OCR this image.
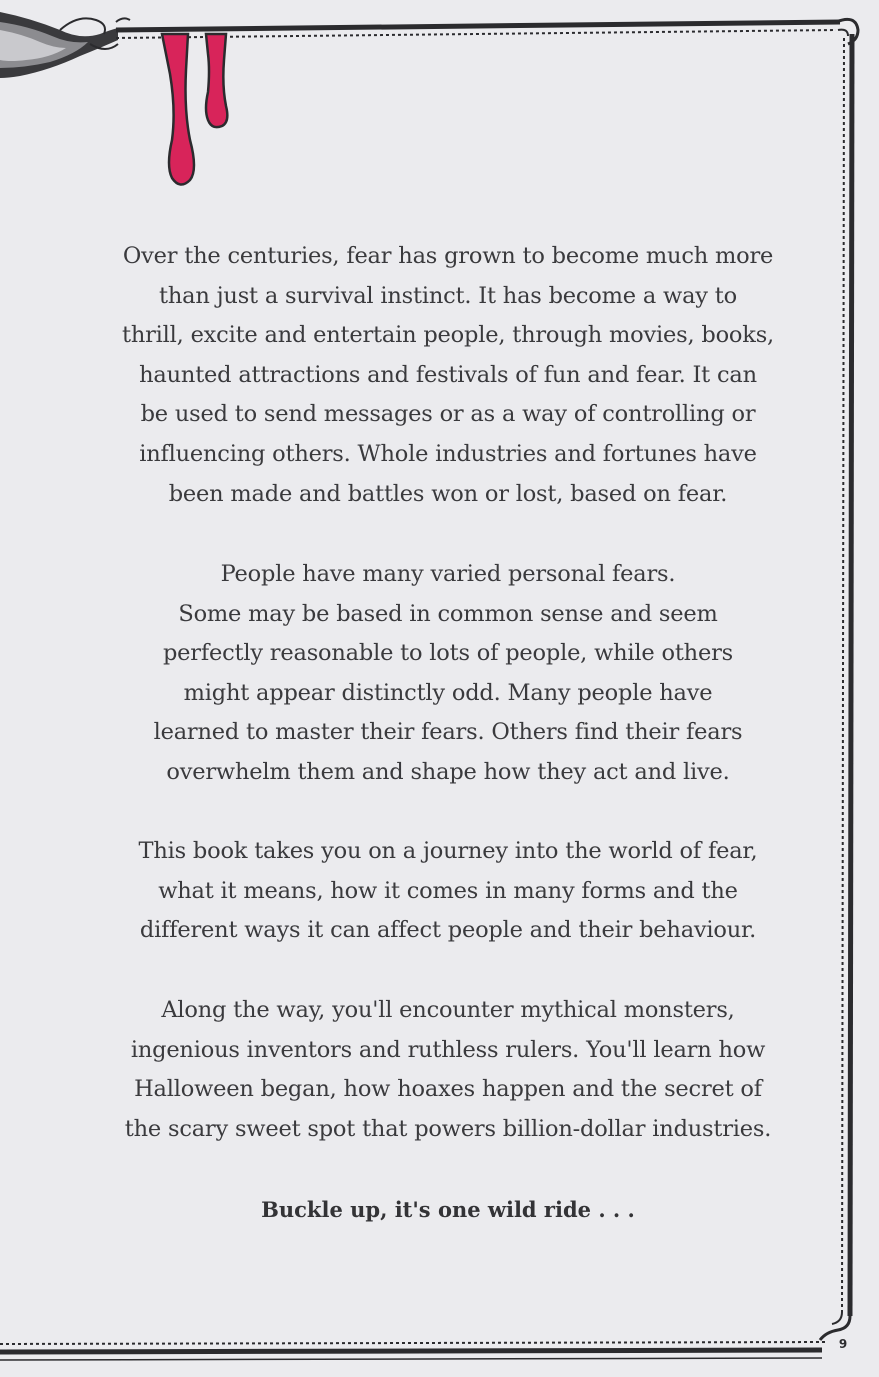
Over the centuries, fear has grown to become much more
than just a survival instinct. It has become a way to
thrill, excite and entertain people, through movies, books,
haunted attractions and festivals of fun and fear. It can
be used to send messages or as a way of controlling or
influencing others. Whole industries and fortunes have
been made and battles won or lost, based on fear.

People have many varied personal fears.
Some may be based in common sense and seem
perfectly reasonable to lots of people, while others
might appear distinctly odd. Many people have
learned to master their fears. Others find their fears
overwhelm them and shape how they act and live.

This book takes you on a journey into the world of fear,
what it means, how it comes in many forms and the
different ways it can affect people and their behaviour.

Along the way, you'll encounter mythical monsters,
ingenious inventors and ruthless rulers. You'll learn how
Halloween began, how hoaxes happen and the secret of
the scary sweet spot that powers billion-dollar industries.

Buckle up, it's one wild ride . . .

9
